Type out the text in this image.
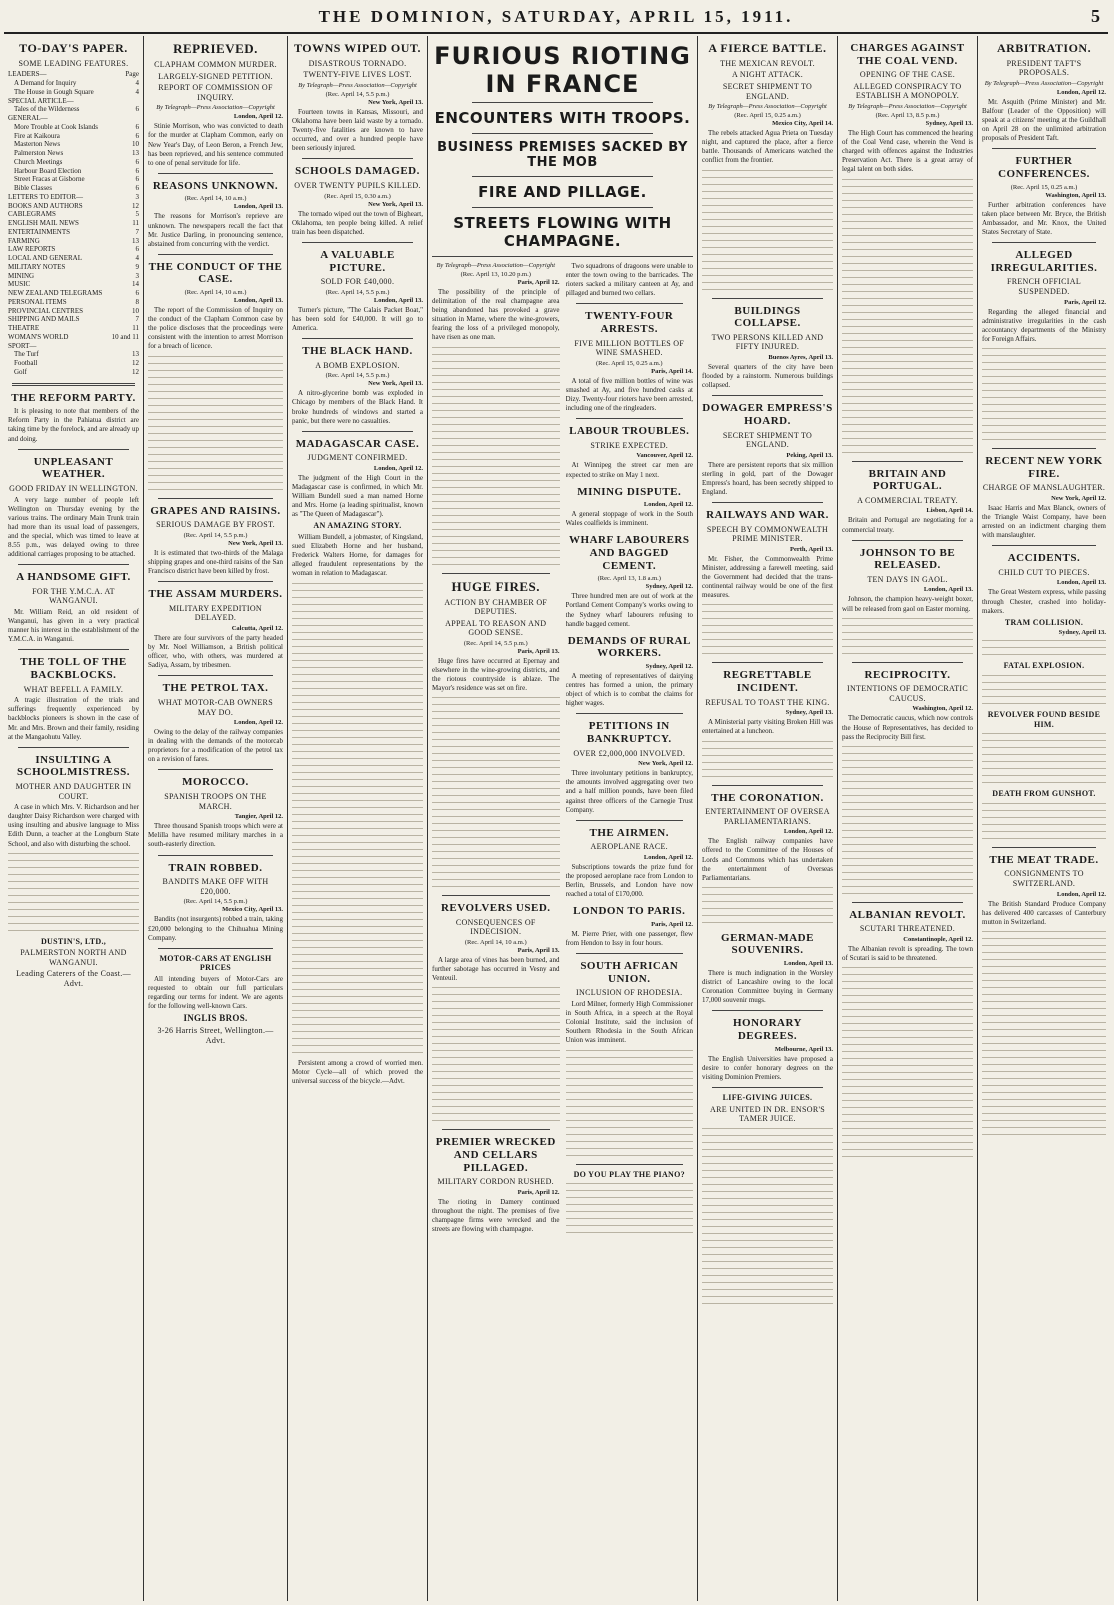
THE DOMINION, SATURDAY, APRIL 15, 1911.	5
TO-DAY'S PAPER.
SOME LEADING FEATURES.
LEADERS—	Page
A Demand for Inquiry	4
The House in Gough Square	4
SPECIAL ARTICLE—
Tales of the Wilderness	6
GENERAL—
More Trouble at Cook Islands	6
Fire at Kaikoura	6
Masterton News	10
Palmerston News	13
Church Meetings	6
Harbour Board Election	6
Street Fracas at Gisborne	6
Bible Classes	6
LETTERS TO EDITOR—	3
BOOKS AND AUTHORS	12
CABLEGRAMS	5
ENGLISH MAIL NEWS	11
ENTERTAINMENTS	7
FARMING	13
LAW REPORTS	6
LOCAL AND GENERAL	4
MILITARY NOTES	9
MINING	3
MUSIC	14
NEW ZEALAND TELEGRAMS	6
PERSONAL ITEMS	8
PROVINCIAL CENTRES	10
SHIPPING AND MAILS	7
THEATRE	11
WOMAN'S WORLD	10 and 11
SPORT—
The Turf	13
Football	12
Golf	12
THE REFORM PARTY.
It is pleasing to note that members of the Reform Party in the Pahiatua district are taking time by the forelock, and are already up and doing.
UNPLEASANT WEATHER.
GOOD FRIDAY IN WELLINGTON.
A very large number of people left Wellington on Thursday evening by the various trains. The ordinary Main Trunk train had more than its usual load of passengers, and the special, which was timed to leave at 8.55 p.m., was delayed owing to three additional carriages proposing to be attached.
A HANDSOME GIFT.
FOR THE Y.M.C.A. AT WANGANUI.
Mr. William Reid, an old resident of Wanganui, has given in a very practical manner his interest in the establishment of the Y.M.C.A. in Wanganui.
THE TOLL OF THE BACKBLOCKS.
WHAT BEFELL A FAMILY.
A tragic illustration of the trials and sufferings frequently experienced by backblocks pioneers is shown in the case of Mr. and Mrs. Brown and their family, residing at the Mangaohutu Valley.
INSULTING A SCHOOLMISTRESS.
MOTHER AND DAUGHTER IN COURT.
A case in which Mrs. V. Richardson and her daughter Daisy Richardson were charged with using insulting and abusive language to Miss Edith Dunn, a teacher at the Longburn State School, and also with disturbing the school.
DUSTIN'S, LTD.,
PALMERSTON NORTH AND WANGANUI.
Leading Caterers of the Coast.—Advt.
REPRIEVED.
CLAPHAM COMMON MURDER.
LARGELY-SIGNED PETITION.
REPORT OF COMMISSION OF INQUIRY.
By Telegraph—Press Association—Copyright
London, April 12.
Stinie Morrison, who was convicted to death for the murder at Clapham Common, early on New Year's Day, of Leon Beron, a French Jew, has been reprieved, and his sentence commuted to one of penal servitude for life.
REASONS UNKNOWN.
(Rec. April 14, 10 a.m.)
London, April 13.
The reasons for Morrison's reprieve are unknown. The newspapers recall the fact that Mr. Justice Darling, in pronouncing sentence, abstained from concurring with the verdict.
THE CONDUCT OF THE CASE.
(Rec. April 14, 10 a.m.)
London, April 13.
The report of the Commission of Inquiry on the conduct of the Clapham Common case by the police discloses that the proceedings were consistent with the intention to arrest Morrison for a breach of licence.
GRAPES AND RAISINS.
SERIOUS DAMAGE BY FROST.
(Rec. April 14, 5.5 p.m.)
New York, April 13.
It is estimated that two-thirds of the Malaga shipping grapes and one-third raisins of the San Francisco district have been killed by frost.
THE ASSAM MURDERS.
MILITARY EXPEDITION DELAYED.
Calcutta, April 12.
There are four survivors of the party headed by Mr. Noel Williamson, a British political officer, who, with others, was murdered at Sadiya, Assam, by tribesmen.
THE PETROL TAX.
WHAT MOTOR-CAB OWNERS MAY DO.
London, April 12.
Owing to the delay of the railway companies in dealing with the demands of the motorcab proprietors for a modification of the petrol tax on a revision of fares.
MOROCCO.
SPANISH TROOPS ON THE MARCH.
Tangier, April 12.
Three thousand Spanish troops which were at Melilla have resumed military marches in a south-easterly direction.
TRAIN ROBBED.
BANDITS MAKE OFF WITH £20,000.
(Rec. April 14, 5.5 p.m.)
Mexico City, April 13.
Bandits (not insurgents) robbed a train, taking £20,000 belonging to the Chihuahua Mining Company.
MOTOR-CARS AT ENGLISH PRICES
All intending buyers of Motor-Cars are requested to obtain our full particulars regarding our terms for indent. We are agents for the following well-known Cars.
INGLIS BROS.
3-26 Harris Street, Wellington.—Advt.
TOWNS WIPED OUT.
DISASTROUS TORNADO.
TWENTY-FIVE LIVES LOST.
By Telegraph—Press Association—Copyright
(Rec. April 14, 5.5 p.m.)
New York, April 13.
Fourteen towns in Kansas, Missouri, and Oklahoma have been laid waste by a tornado. Twenty-five fatalities are known to have occurred, and over a hundred people have been seriously injured.
SCHOOLS DAMAGED.
OVER TWENTY PUPILS KILLED.
(Rec. April 15, 0.30 a.m.)
New York, April 13.
The tornado wiped out the town of Bigheart, Oklahoma, ten people being killed. A relief train has been dispatched.
A VALUABLE PICTURE.
SOLD FOR £40,000.
(Rec. April 14, 5.5 p.m.)
London, April 13.
Turner's picture, "The Calais Packet Boat," has been sold for £40,000. It will go to America.
THE BLACK HAND.
A BOMB EXPLOSION.
(Rec. April 14, 5.5 p.m.)
New York, April 13.
A nitro-glycerine bomb was exploded in Chicago by members of the Black Hand. It broke hundreds of windows and started a panic, but there were no casualties.
MADAGASCAR CASE.
JUDGMENT CONFIRMED.
London, April 12.
The judgment of the High Court in the Madagascar case is confirmed, in which Mr. William Bundell sued a man named Horne and Mrs. Horne (a leading spiritualist, known as "The Queen of Madagascar").
AN AMAZING STORY.
William Bundell, a jobmaster, of Kingsland, sued Elizabeth Horne and her husband, Frederick Walters Horne, for damages for alleged fraudulent representations by the woman in relation to Madagascar.
Persistent among a crowd of worried men. Motor Cycle—all of which proved the universal success of the bicycle.—Advt.
FURIOUS RIOTING IN FRANCE
ENCOUNTERS WITH TROOPS.
BUSINESS PREMISES SACKED BY THE MOB
FIRE AND PILLAGE.
STREETS FLOWING WITH CHAMPAGNE.
By Telegraph—Press Association—Copyright
(Rec. April 13, 10.20 p.m.)
Paris, April 12.
The possibility of the principle of delimitation of the real champagne area being abandoned has provoked a grave situation in Marne, where the wine-growers, fearing the loss of a privileged monopoly, have risen as one man.
HUGE FIRES.
ACTION BY CHAMBER OF DEPUTIES.
APPEAL TO REASON AND GOOD SENSE.
(Rec. April 14, 5.5 p.m.)
Paris, April 13.
Huge fires have occurred at Epernay and elsewhere in the wine-growing districts, and the riotous countryside is ablaze. The Mayor's residence was set on fire.
REVOLVERS USED.
CONSEQUENCES OF INDECISION.
(Rec. April 14, 10 a.m.)
Paris, April 13.
A large area of vines has been burned, and further sabotage has occurred in Vesny and Venteuil.
PREMIER WRECKED AND CELLARS PILLAGED.
MILITARY CORDON RUSHED.
Paris, April 12.
The rioting in Damery continued throughout the night. The premises of five champagne firms were wrecked and the streets are flowing with champagne.
Two squadrons of dragoons were unable to enter the town owing to the barricades. The rioters sacked a military canteen at Ay, and pillaged and burned two cellars.
TWENTY-FOUR ARRESTS.
FIVE MILLION BOTTLES OF WINE SMASHED.
(Rec. April 15, 0.25 a.m.)
Paris, April 14.
A total of five million bottles of wine was smashed at Ay, and five hundred casks at Dizy. Twenty-four rioters have been arrested, including one of the ringleaders.
LABOUR TROUBLES.
STRIKE EXPECTED.
Vancouver, April 12.
At Winnipeg the street car men are expected to strike on May 1 next.
MINING DISPUTE.
London, April 12.
A general stoppage of work in the South Wales coalfields is imminent.
WHARF LABOURERS AND BAGGED CEMENT.
(Rec. April 13, 1.8 a.m.)
Sydney, April 12.
Three hundred men are out of work at the Portland Cement Company's works owing to the Sydney wharf labourers refusing to handle bagged cement.
DEMANDS OF RURAL WORKERS.
Sydney, April 12.
A meeting of representatives of dairying centres has formed a union, the primary object of which is to combat the claims for higher wages.
PETITIONS IN BANKRUPTCY.
OVER £2,000,000 INVOLVED.
New York, April 12.
Three involuntary petitions in bankruptcy, the amounts involved aggregating over two and a half million pounds, have been filed against three officers of the Carnegie Trust Company.
THE AIRMEN.
AEROPLANE RACE.
London, April 12.
Subscriptions towards the prize fund for the proposed aeroplane race from London to Berlin, Brussels, and London have now reached a total of £170,000.
LONDON TO PARIS.
Paris, April 12.
M. Pierre Prier, with one passenger, flew from Hendon to Issy in four hours.
SOUTH AFRICAN UNION.
INCLUSION OF RHODESIA.
Lord Milner, formerly High Commissioner in South Africa, in a speech at the Royal Colonial Institute, said the inclusion of Southern Rhodesia in the South African Union was imminent.
DO YOU PLAY THE PIANO?
A FIERCE BATTLE.
THE MEXICAN REVOLT.
A NIGHT ATTACK.
SECRET SHIPMENT TO ENGLAND.
By Telegraph—Press Association—Copyright
(Rec. April 15, 0.25 a.m.)
Mexico City, April 14.
The rebels attacked Agua Prieta on Tuesday night, and captured the place, after a fierce battle. Thousands of Americans watched the conflict from the frontier.
BUILDINGS COLLAPSE.
TWO PERSONS KILLED AND FIFTY INJURED.
Buenos Ayres, April 13.
Several quarters of the city have been flooded by a rainstorm. Numerous buildings collapsed.
DOWAGER EMPRESS'S HOARD.
SECRET SHIPMENT TO ENGLAND.
Peking, April 13.
There are persistent reports that six million sterling in gold, part of the Dowager Empress's hoard, has been secretly shipped to England.
RAILWAYS AND WAR.
SPEECH BY COMMONWEALTH PRIME MINISTER.
Perth, April 13.
Mr. Fisher, the Commonwealth Prime Minister, addressing a farewell meeting, said the Government had decided that the trans-continental railway would be one of the first measures.
REGRETTABLE INCIDENT.
REFUSAL TO TOAST THE KING.
Sydney, April 13.
A Ministerial party visiting Broken Hill was entertained at a luncheon.
THE CORONATION.
ENTERTAINMENT OF OVERSEA PARLIAMENTARIANS.
London, April 12.
The English railway companies have offered to the Committee of the Houses of Lords and Commons which has undertaken the entertainment of Overseas Parliamentarians.
GERMAN-MADE SOUVENIRS.
London, April 13.
There is much indignation in the Worsley district of Lancashire owing to the local Coronation Committee buying in Germany 17,000 souvenir mugs.
HONORARY DEGREES.
Melbourne, April 13.
The English Universities have proposed a desire to confer honorary degrees on the visiting Dominion Premiers.
LIFE-GIVING JUICES.
ARE UNITED IN DR. ENSOR'S TAMER JUICE.
CHARGES AGAINST THE COAL VEND.
OPENING OF THE CASE.
ALLEGED CONSPIRACY TO ESTABLISH A MONOPOLY.
By Telegraph—Press Association—Copyright
(Rec. April 13, 8.5 p.m.)
Sydney, April 13.
The High Court has commenced the hearing of the Coal Vend case, wherein the Vend is charged with offences against the Industries Preservation Act. There is a great array of legal talent on both sides.
BRITAIN AND PORTUGAL.
A COMMERCIAL TREATY.
Lisbon, April 14.
Britain and Portugal are negotiating for a commercial treaty.
JOHNSON TO BE RELEASED.
TEN DAYS IN GAOL.
London, April 13.
Johnson, the champion heavy-weight boxer, will be released from gaol on Easter morning.
RECIPROCITY.
INTENTIONS OF DEMOCRATIC CAUCUS.
Washington, April 12.
The Democratic caucus, which now controls the House of Representatives, has decided to pass the Reciprocity Bill first.
ALBANIAN REVOLT.
SCUTARI THREATENED.
Constantinople, April 12.
The Albanian revolt is spreading. The town of Scutari is said to be threatened.
ARBITRATION.
PRESIDENT TAFT'S PROPOSALS.
By Telegraph—Press Association—Copyright
London, April 12.
Mr. Asquith (Prime Minister) and Mr. Balfour (Leader of the Opposition) will speak at a citizens' meeting at the Guildhall on April 28 on the unlimited arbitration proposals of President Taft.
FURTHER CONFERENCES.
(Rec. April 15, 0.25 a.m.)
Washington, April 13.
Further arbitration conferences have taken place between Mr. Bryce, the British Ambassador, and Mr. Knox, the United States Secretary of State.
ALLEGED IRREGULARITIES.
FRENCH OFFICIAL SUSPENDED.
Paris, April 12.
Regarding the alleged financial and administrative irregularities in the cash accountancy departments of the Ministry for Foreign Affairs.
RECENT NEW YORK FIRE.
CHARGE OF MANSLAUGHTER.
New York, April 12.
Isaac Harris and Max Blanck, owners of the Triangle Waist Company, have been arrested on an indictment charging them with manslaughter.
ACCIDENTS.
CHILD CUT TO PIECES.
London, April 13.
The Great Western express, while passing through Chester, crashed into holiday-makers.
TRAM COLLISION.
Sydney, April 13.
FATAL EXPLOSION.
REVOLVER FOUND BESIDE HIM.
DEATH FROM GUNSHOT.
THE MEAT TRADE.
CONSIGNMENTS TO SWITZERLAND.
London, April 12.
The British Standard Produce Company has delivered 400 carcasses of Canterbury mutton in Switzerland.
